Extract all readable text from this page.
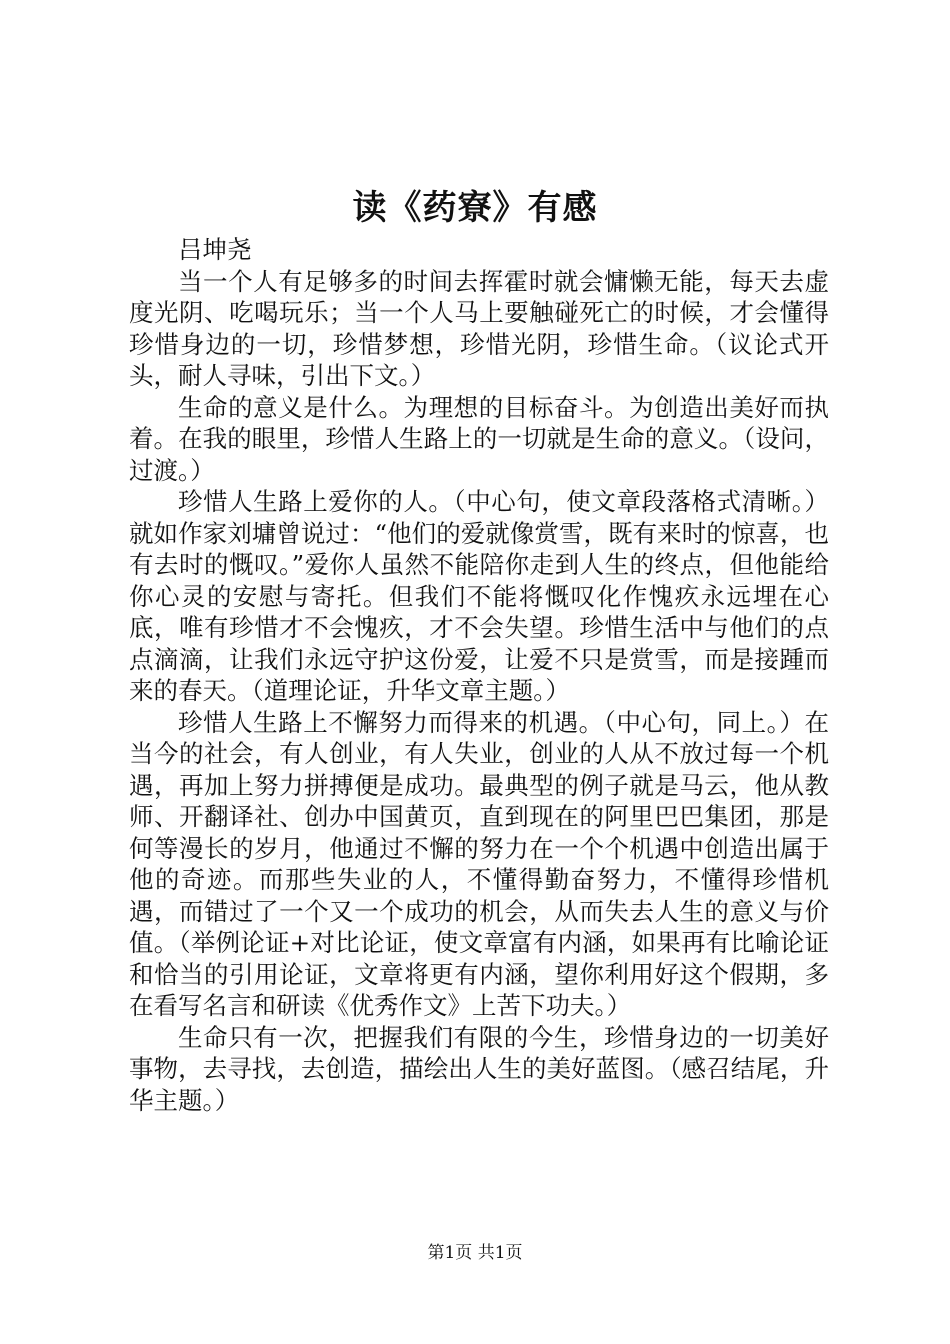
读《药寮》有感
吕坤尧

当一个人有足够多的时间去挥霍时就会慵懒无能，每天去虚度光阴、吃喝玩乐；当一个人马上要触碰死亡的时候，才会懂得珍惜身边的一切，珍惜梦想，珍惜光阴，珍惜生命。（议论式开头，耐人寻味，引出下文。）

生命的意义是什么。为理想的目标奋斗。为创造出美好而执着。在我的眼里，珍惜人生路上的一切就是生命的意义。（设问，过渡。）

珍惜人生路上爱你的人。（中心句，使文章段落格式清晰。）就如作家刘墉曾说过：“他们的爱就像赏雪，既有来时的惊喜，也有去时的慨叹。”爱你人虽然不能陪你走到人生的终点，但他能给你心灵的安慰与寄托。但我们不能将慨叹化作愧疚永远埋在心底，唯有珍惜才不会愧疚，才不会失望。珍惜生活中与他们的点点滴滴，让我们永远守护这份爱，让爱不只是赏雪，而是接踵而来的春天。（道理论证，升华文章主题。）

珍惜人生路上不懈努力而得来的机遇。（中心句，同上。）在当今的社会，有人创业，有人失业，创业的人从不放过每一个机遇，再加上努力拼搏便是成功。最典型的例子就是马云，他从教师、开翻译社、创办中国黄页，直到现在的阿里巴巴集团，那是何等漫长的岁月，他通过不懈的努力在一个个机遇中创造出属于他的奇迹。而那些失业的人，不懂得勤奋努力，不懂得珍惜机遇，而错过了一个又一个成功的机会，从而失去人生的意义与价值。（举例论证+对比论证，使文章富有内涵，如果再有比喻论证和恰当的引用论证，文章将更有内涵，望你利用好这个假期，多在看写名言和研读《优秀作文》上苦下功夫。）

生命只有一次，把握我们有限的今生，珍惜身边的一切美好事物，去寻找，去创造，描绘出人生的美好蓝图。（感召结尾，升华主题。）

第1页 共1页
